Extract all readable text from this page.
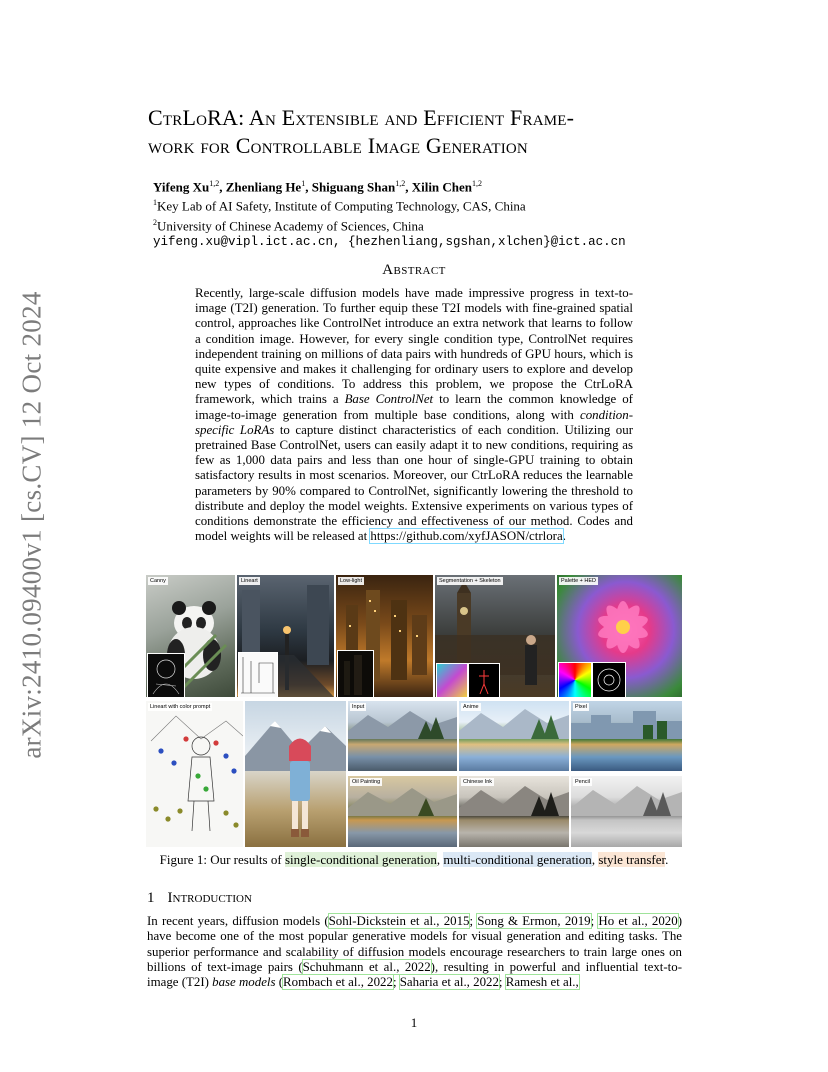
arXiv:2410.09400v1 [cs.CV] 12 Oct 2024
CtrLoRA: An Extensible and Efficient Frame-
work for Controllable Image Generation
Yifeng Xu$^{1,2}$, Zhenliang He$^1$, Shiguang Shan$^{1,2}$, Xilin Chen$^{1,2}$
$^1$Key Lab of AI Safety, Institute of Computing Technology, CAS, China
$^2$University of Chinese Academy of Sciences, China
yifeng.xu@vipl.ict.ac.cn, {hezhenliang,sgshan,xlchen}@ict.ac.cn
Abstract

Recently, large-scale diffusion models have made impressive progress in text-to-image (T2I) generation. To further equip these T2I models with fine-grained spatial control, approaches like ControlNet introduce an extra network that learns to follow a condition image. However, for every single condition type, ControlNet requires independent training on millions of data pairs with hundreds of GPU hours, which is quite expensive and makes it challenging for ordinary users to explore and develop new types of conditions. To address this problem, we propose the CtrLoRA framework, which trains a Base ControlNet to learn the common knowledge of image-to-image generation from multiple base conditions, along with condition-specific LoRAs to capture distinct characteristics of each condition. Utilizing our pretrained Base ControlNet, users can easily adapt it to new conditions, requiring as few as 1,000 data pairs and less than one hour of single-GPU training to obtain satisfactory results in most scenarios. Moreover, our CtrLoRA reduces the learnable parameters by 90% compared to ControlNet, significantly lowering the threshold to distribute and deploy the model weights. Extensive experiments on various types of conditions demonstrate the efficiency and effectiveness of our method. Codes and model weights will be released at https://github.com/xyfJASON/ctrlora.

Canny	Lineart	Low-light	Segmentation + Skeleton	Palette + HED
Lineart with color prompt	Input	Anime	Pixel
Oil Painting	Chinese Ink	Pencil
Figure 1: Our results of single-conditional generation, multi-conditional generation, style transfer.
1 Introduction

In recent years, diffusion models (Sohl-Dickstein et al., 2015; Song & Ermon, 2019; Ho et al., 2020) have become one of the most popular generative models for visual generation and editing tasks. The superior performance and scalability of diffusion models encourage researchers to train large ones on billions of text-image pairs (Schuhmann et al., 2022), resulting in powerful and influential text-to-image (T2I) base models (Rombach et al., 2022; Saharia et al., 2022; Ramesh et al.,

1
